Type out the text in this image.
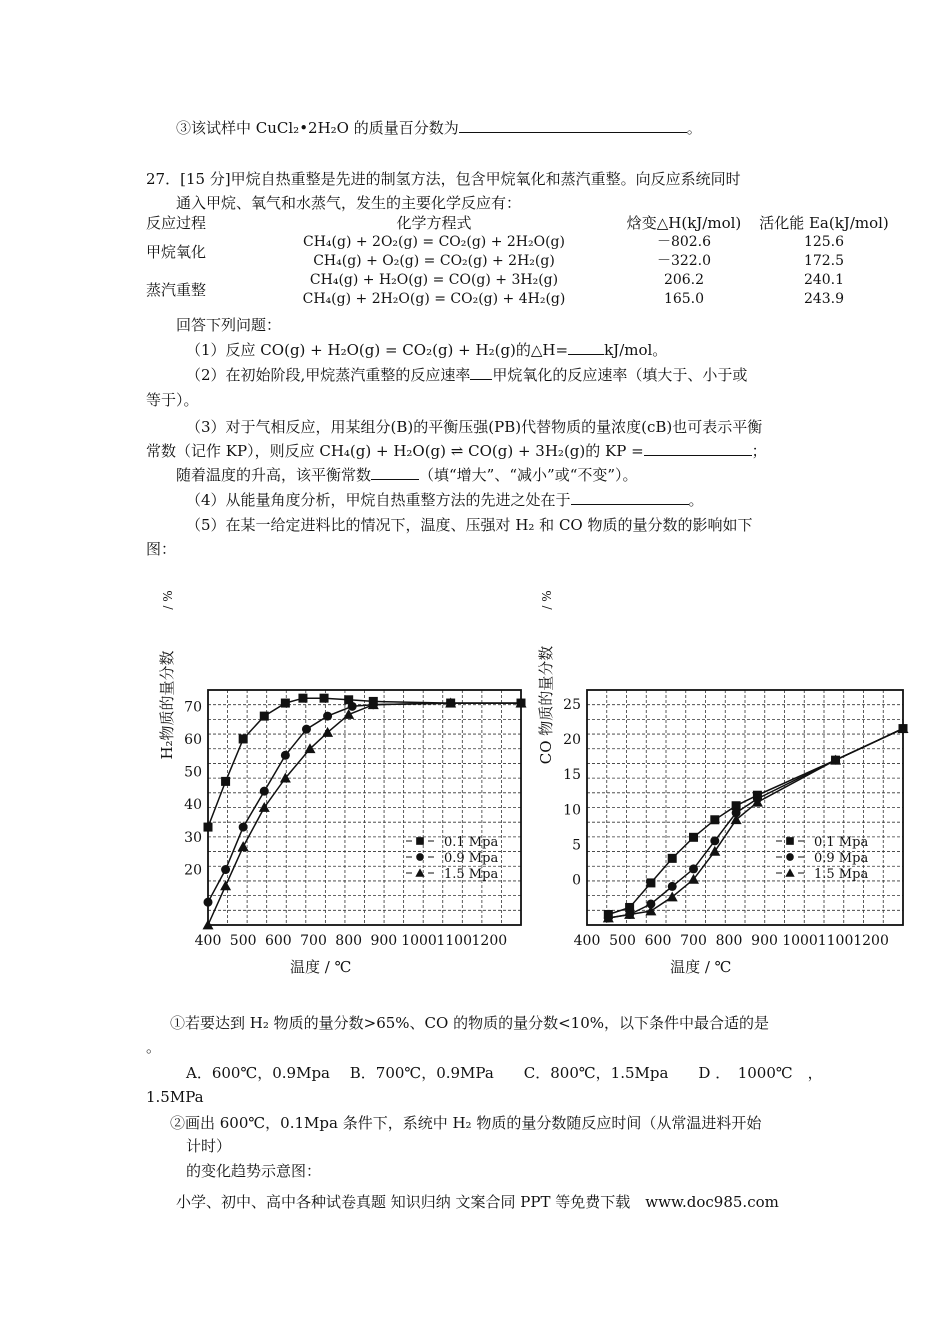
③该试样中 CuCl₂•2H₂O 的质量百分数为	。
27．[15 分]甲烷自热重整是先进的制氢方法，包含甲烷氧化和蒸汽重整。向反应系统同时
通入甲烷、氧气和水蒸气，发生的主要化学反应有：
反应过程	化学方程式	焓变△H(kJ/mol)	活化能 Ea(kJ/mol)
甲烷氧化	CH₄(g) + 2O₂(g) = CO₂(g) + 2H₂O(g)	－802.6	125.6
	CH₄(g) + O₂(g) = CO₂(g) + 2H₂(g)	－322.0	172.5
蒸汽重整	CH₄(g) + H₂O(g) = CO(g) + 3H₂(g)	206.2	240.1
	CH₄(g) + 2H₂O(g) = CO₂(g) + 4H₂(g)	165.0	243.9
回答下列问题：
（1）反应 CO(g) + H₂O(g) = CO₂(g) + H₂(g)的△H= kJ/mol。
（2）在初始阶段,甲烷蒸汽重整的反应速率 甲烷氧化的反应速率（填大于、小于或
等于）。
（3）对于气相反应，用某组分(B)的平衡压强(PB)代替物质的量浓度(cB)也可表示平衡
常数（记作 KP），则反应 CH₄(g) + H₂O(g) ⇌ CO(g) + 3H₂(g)的 KP =	；
随着温度的升高，该平衡常数	（填“增大”、“减小”或“不变”）。
（4）从能量角度分析，甲烷自热重整方法的先进之处在于	。
（5）在某一给定进料比的情况下，温度、压强对 H₂ 和 CO 物质的量分数的影响如下
图：
20
30
40
50
60
70
400 500 600 700 800 900 1000 1100 1200
温度 / ℃
H₂物质的量分数
/ %
0.1 Mpa
0.9 Mpa
1.5 Mpa	0
5
10
15
20
25
400 500 600 700 800 900 1000 1100 1200
温度 / ℃
CO 物质的量分数
/ %
0.1 Mpa
0.9 Mpa
1.5 Mpa
①若要达到 H₂ 物质的量分数>65%、CO 的物质的量分数<10%，以下条件中最合适的是
。
A．600℃，0.9Mpa　 B．700℃，0.9MPa　　C．800℃，1.5Mpa　　D ．　1000℃　，
1.5MPa
②画出 600℃，0.1Mpa 条件下，系统中 H₂ 物质的量分数随反应时间（从常温进料开始
计时）
的变化趋势示意图：
小学、初中、高中各种试卷真题 知识归纳 文案合同 PPT 等免费下载　www.doc985.com
